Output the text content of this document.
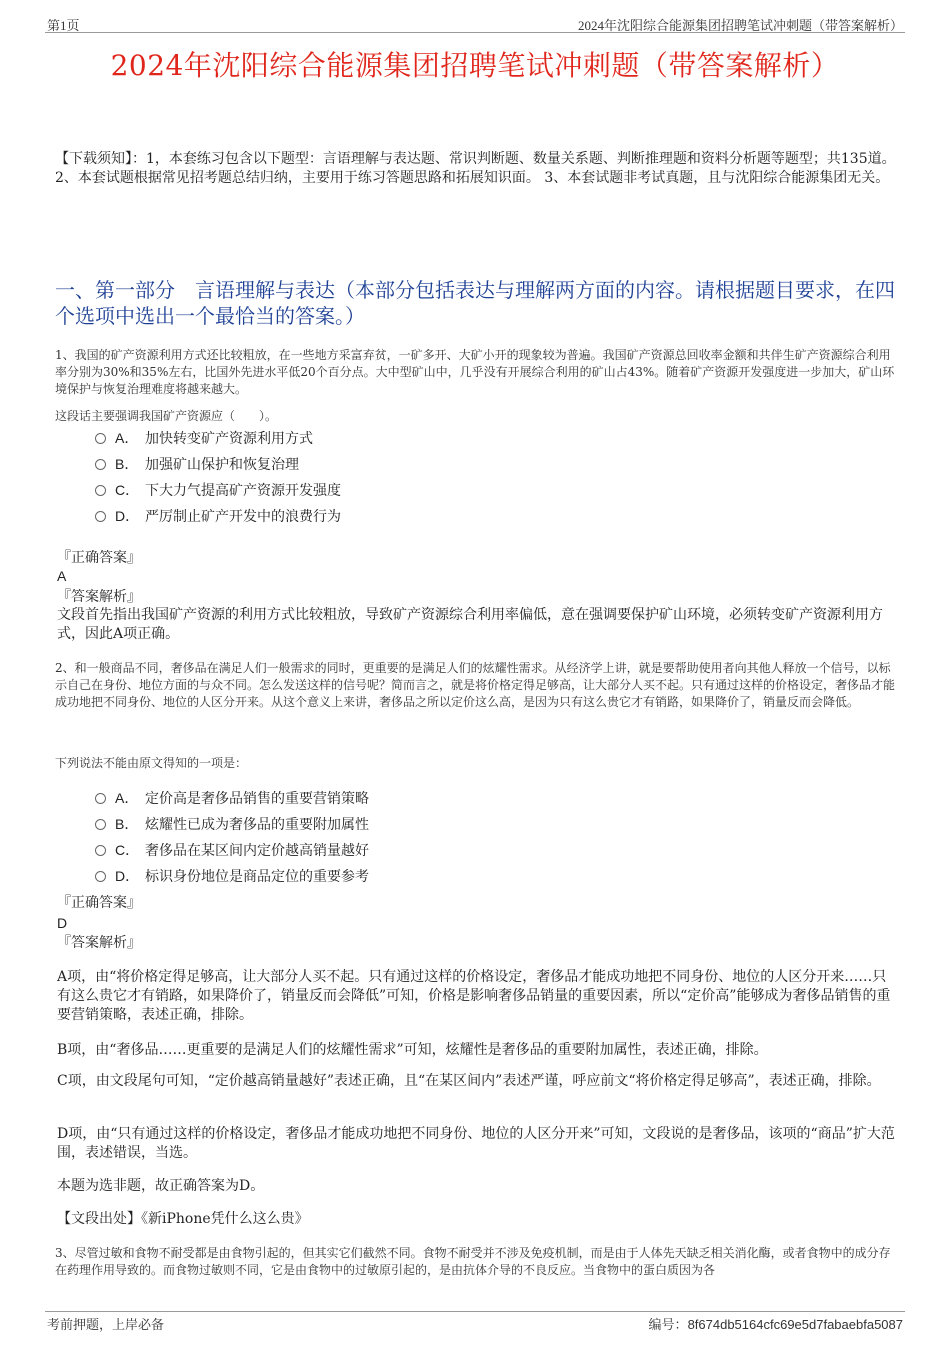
第1页	2024年沈阳综合能源集团招聘笔试冲刺题（带答案解析）
2024年沈阳综合能源集团招聘笔试冲刺题（带答案解析）
【下载须知】：1，本套练习包含以下题型：言语理解与表达题、常识判断题、数量关系题、判断推理题和资料分析题等题型；共135道。 2、本套试题根据常见招考题总结归纳，主要用于练习答题思路和拓展知识面。 3、本套试题非考试真题，且与沈阳综合能源集团无关。
一、第一部分　言语理解与表达（本部分包括表达与理解两方面的内容。请根据题目要求，在四个选项中选出一个最恰当的答案。）
1、我国的矿产资源利用方式还比较粗放，在一些地方采富弃贫，一矿多开、大矿小开的现象较为普遍。我国矿产资源总回收率金额和共伴生矿产资源综合利用率分别为30%和35%左右，比国外先进水平低20个百分点。大中型矿山中，几乎没有开展综合利用的矿山占43%。随着矿产资源开发强度进一步加大，矿山环境保护与恢复治理难度将越来越大。
这段话主要强调我国矿产资源应（　　）。
A． 加快转变矿产资源利用方式
B． 加强矿山保护和恢复治理
C． 下大力气提高矿产资源开发强度
D． 严厉制止矿产开发中的浪费行为
『正确答案』
A
『答案解析』
文段首先指出我国矿产资源的利用方式比较粗放，导致矿产资源综合利用率偏低，意在强调要保护矿山环境，必须转变矿产资源利用方式，因此A项正确。
2、和一般商品不同，奢侈品在满足人们一般需求的同时，更重要的是满足人们的炫耀性需求。从经济学上讲，就是要帮助使用者向其他人释放一个信号，以标示自己在身份、地位方面的与众不同。怎么发送这样的信号呢？简而言之，就是将价格定得足够高，让大部分人买不起。只有通过这样的价格设定，奢侈品才能成功地把不同身份、地位的人区分开来。从这个意义上来讲，奢侈品之所以定价这么高，是因为只有这么贵它才有销路，如果降价了，销量反而会降低。
下列说法不能由原文得知的一项是：
A． 定价高是奢侈品销售的重要营销策略
B． 炫耀性已成为奢侈品的重要附加属性
C． 奢侈品在某区间内定价越高销量越好
D． 标识身份地位是商品定位的重要参考
『正确答案』
D
『答案解析』
A项，由“将价格定得足够高，让大部分人买不起。只有通过这样的价格设定，奢侈品才能成功地把不同身份、地位的人区分开来……只有这么贵它才有销路，如果降价了，销量反而会降低”可知，价格是影响奢侈品销量的重要因素，所以“定价高”能够成为奢侈品销售的重要营销策略，表述正确，排除。
B项，由“奢侈品……更重要的是满足人们的炫耀性需求”可知，炫耀性是奢侈品的重要附加属性，表述正确，排除。
C项，由文段尾句可知，“定价越高销量越好”表述正确，且“在某区间内”表述严谨，呼应前文“将价格定得足够高”，表述正确，排除。
D项，由“只有通过这样的价格设定，奢侈品才能成功地把不同身份、地位的人区分开来”可知，文段说的是奢侈品，该项的“商品”扩大范围，表述错误，当选。
本题为选非题，故正确答案为D。
【文段出处】《新iPhone凭什么这么贵》
3、尽管过敏和食物不耐受都是由食物引起的，但其实它们截然不同。食物不耐受并不涉及免疫机制，而是由于人体先天缺乏相关消化酶，或者食物中的成分存在药理作用导致的。而食物过敏则不同，它是由食物中的过敏原引起的，是由抗体介导的不良反应。当食物中的蛋白质因为各
考前押题，上岸必备	编号：8f674db5164cfc69e5d7fabaebfa5087
